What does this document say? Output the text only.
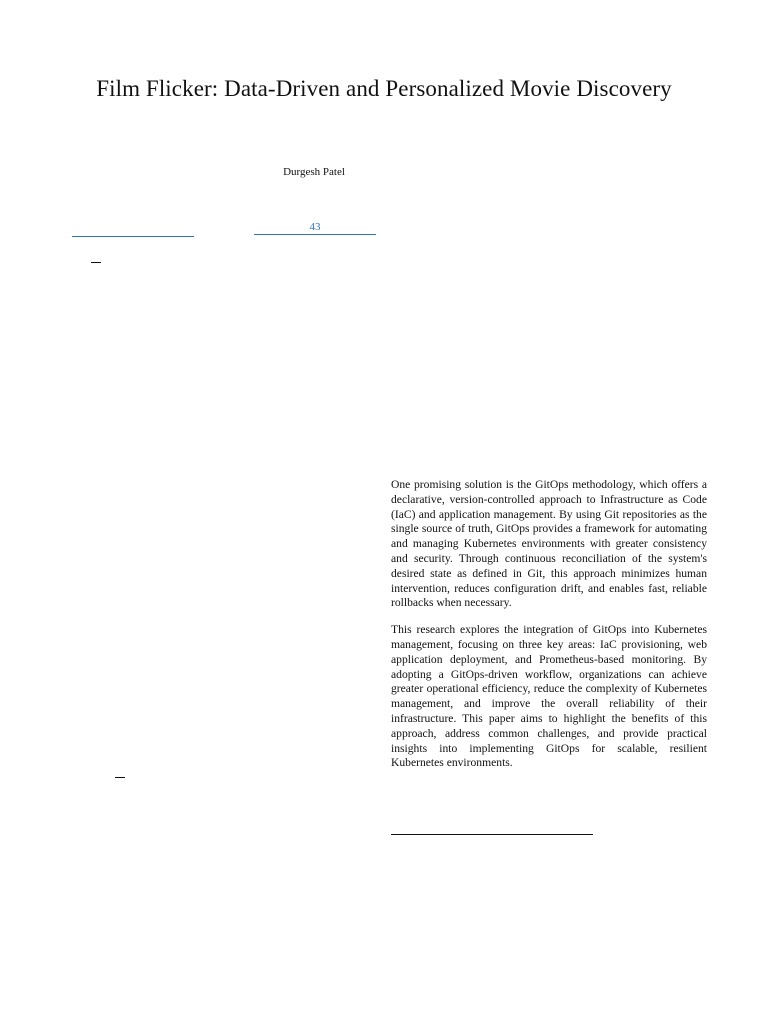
Film Flicker: Data-Driven and Personalized Movie Discovery
Durgesh Patel
43

One promising solution is the GitOps methodology, which offers a declarative, version-controlled approach to Infrastructure as Code (IaC) and application management. By using Git repositories as the single source of truth, GitOps provides a framework for automating and managing Kubernetes environments with greater consistency and security. Through continuous reconciliation of the system's desired state as defined in Git, this approach minimizes human intervention, reduces configuration drift, and enables fast, reliable rollbacks when necessary.

This research explores the integration of GitOps into Kubernetes management, focusing on three key areas: IaC provisioning, web application deployment, and Prometheus-based monitoring. By adopting a GitOps-driven workflow, organizations can achieve greater operational efficiency, reduce the complexity of Kubernetes management, and improve the overall reliability of their infrastructure. This paper aims to highlight the benefits of this approach, address common challenges, and provide practical insights into implementing GitOps for scalable, resilient Kubernetes environments.
